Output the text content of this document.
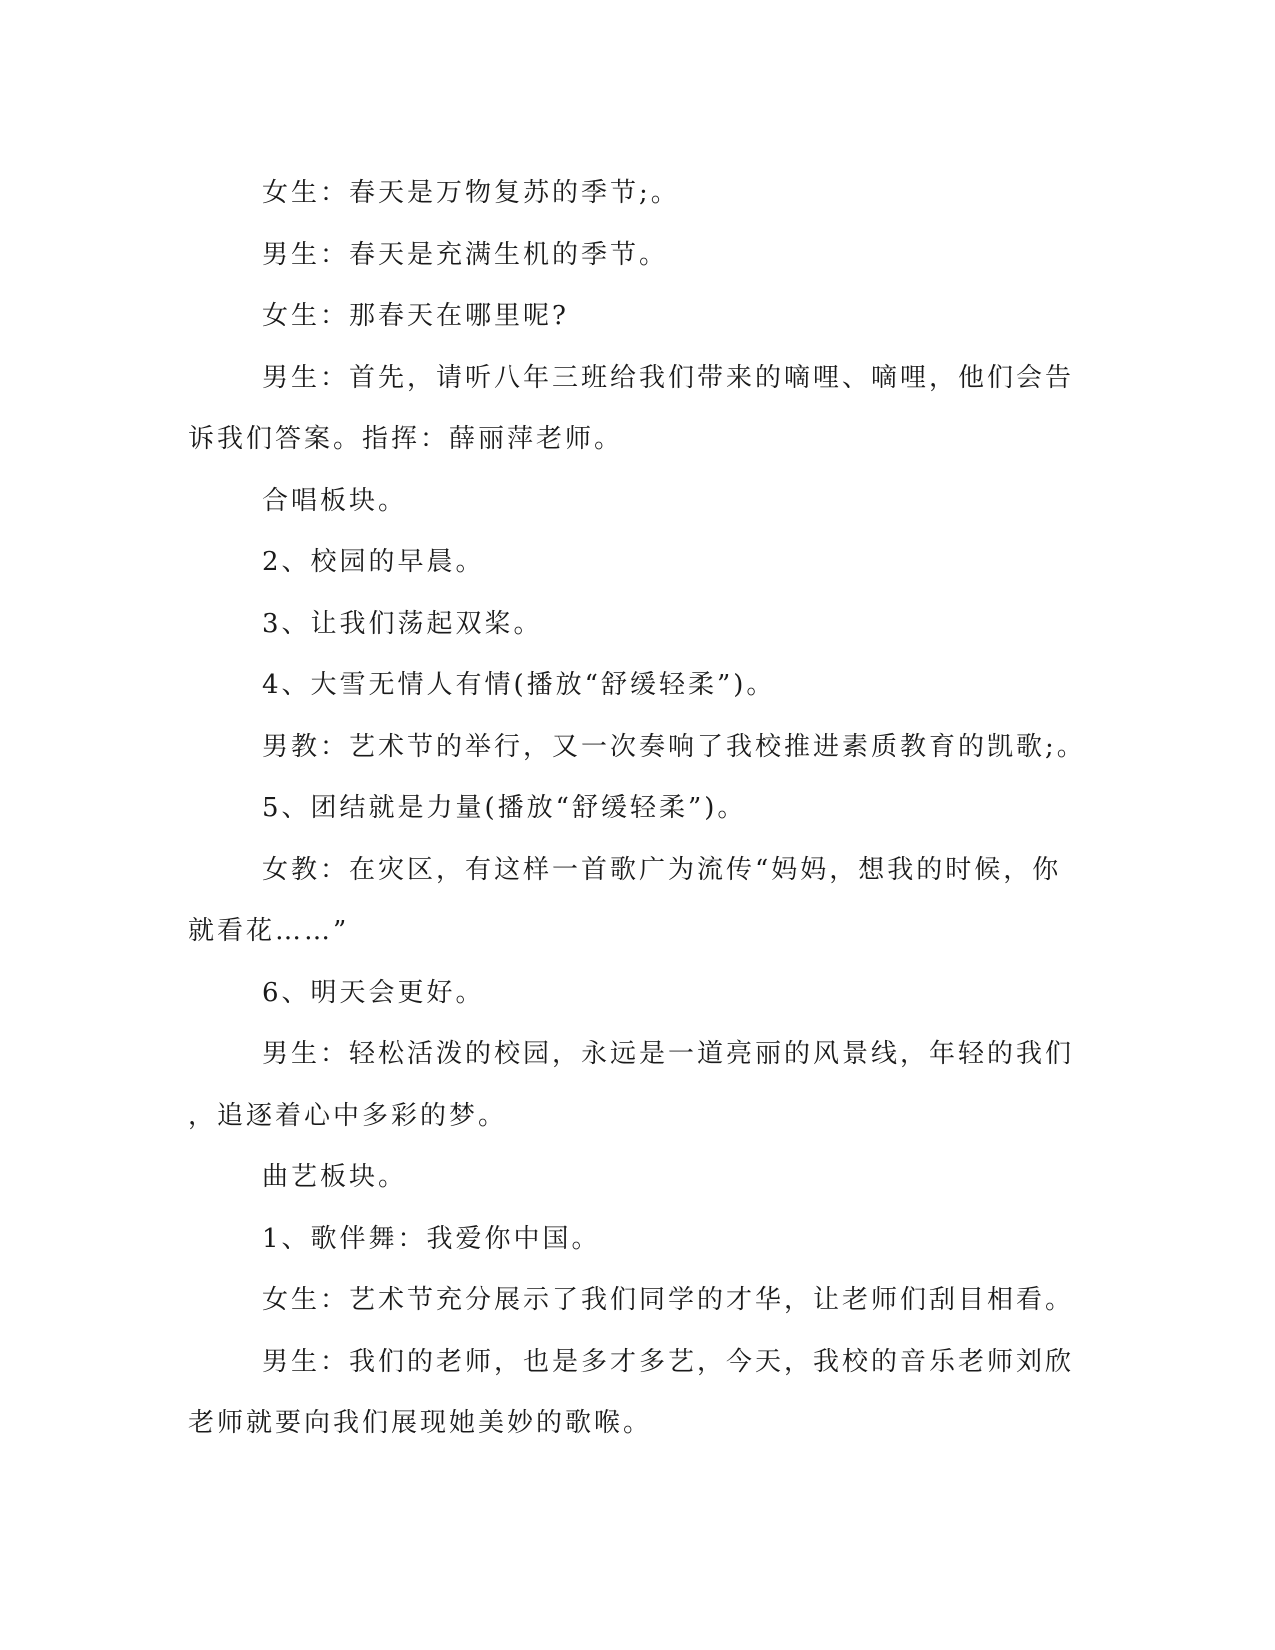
女生：春天是万物复苏的季节;。

男生：春天是充满生机的季节。

女生：那春天在哪里呢?

男生：首先，请听八年三班给我们带来的嘀哩、嘀哩，他们会告
诉我们答案。指挥：薛丽萍老师。

合唱板块。

2、校园的早晨。

3、让我们荡起双桨。

4、大雪无情人有情(播放“舒缓轻柔”)。

男教：艺术节的举行，又一次奏响了我校推进素质教育的凯歌;。

5、团结就是力量(播放“舒缓轻柔”)。

女教：在灾区，有这样一首歌广为流传“妈妈，想我的时候，你
就看花……”

6、明天会更好。

男生：轻松活泼的校园，永远是一道亮丽的风景线，年轻的我们
，追逐着心中多彩的梦。

曲艺板块。

1、歌伴舞：我爱你中国。

女生：艺术节充分展示了我们同学的才华，让老师们刮目相看。

男生：我们的老师，也是多才多艺，今天，我校的音乐老师刘欣
老师就要向我们展现她美妙的歌喉。
